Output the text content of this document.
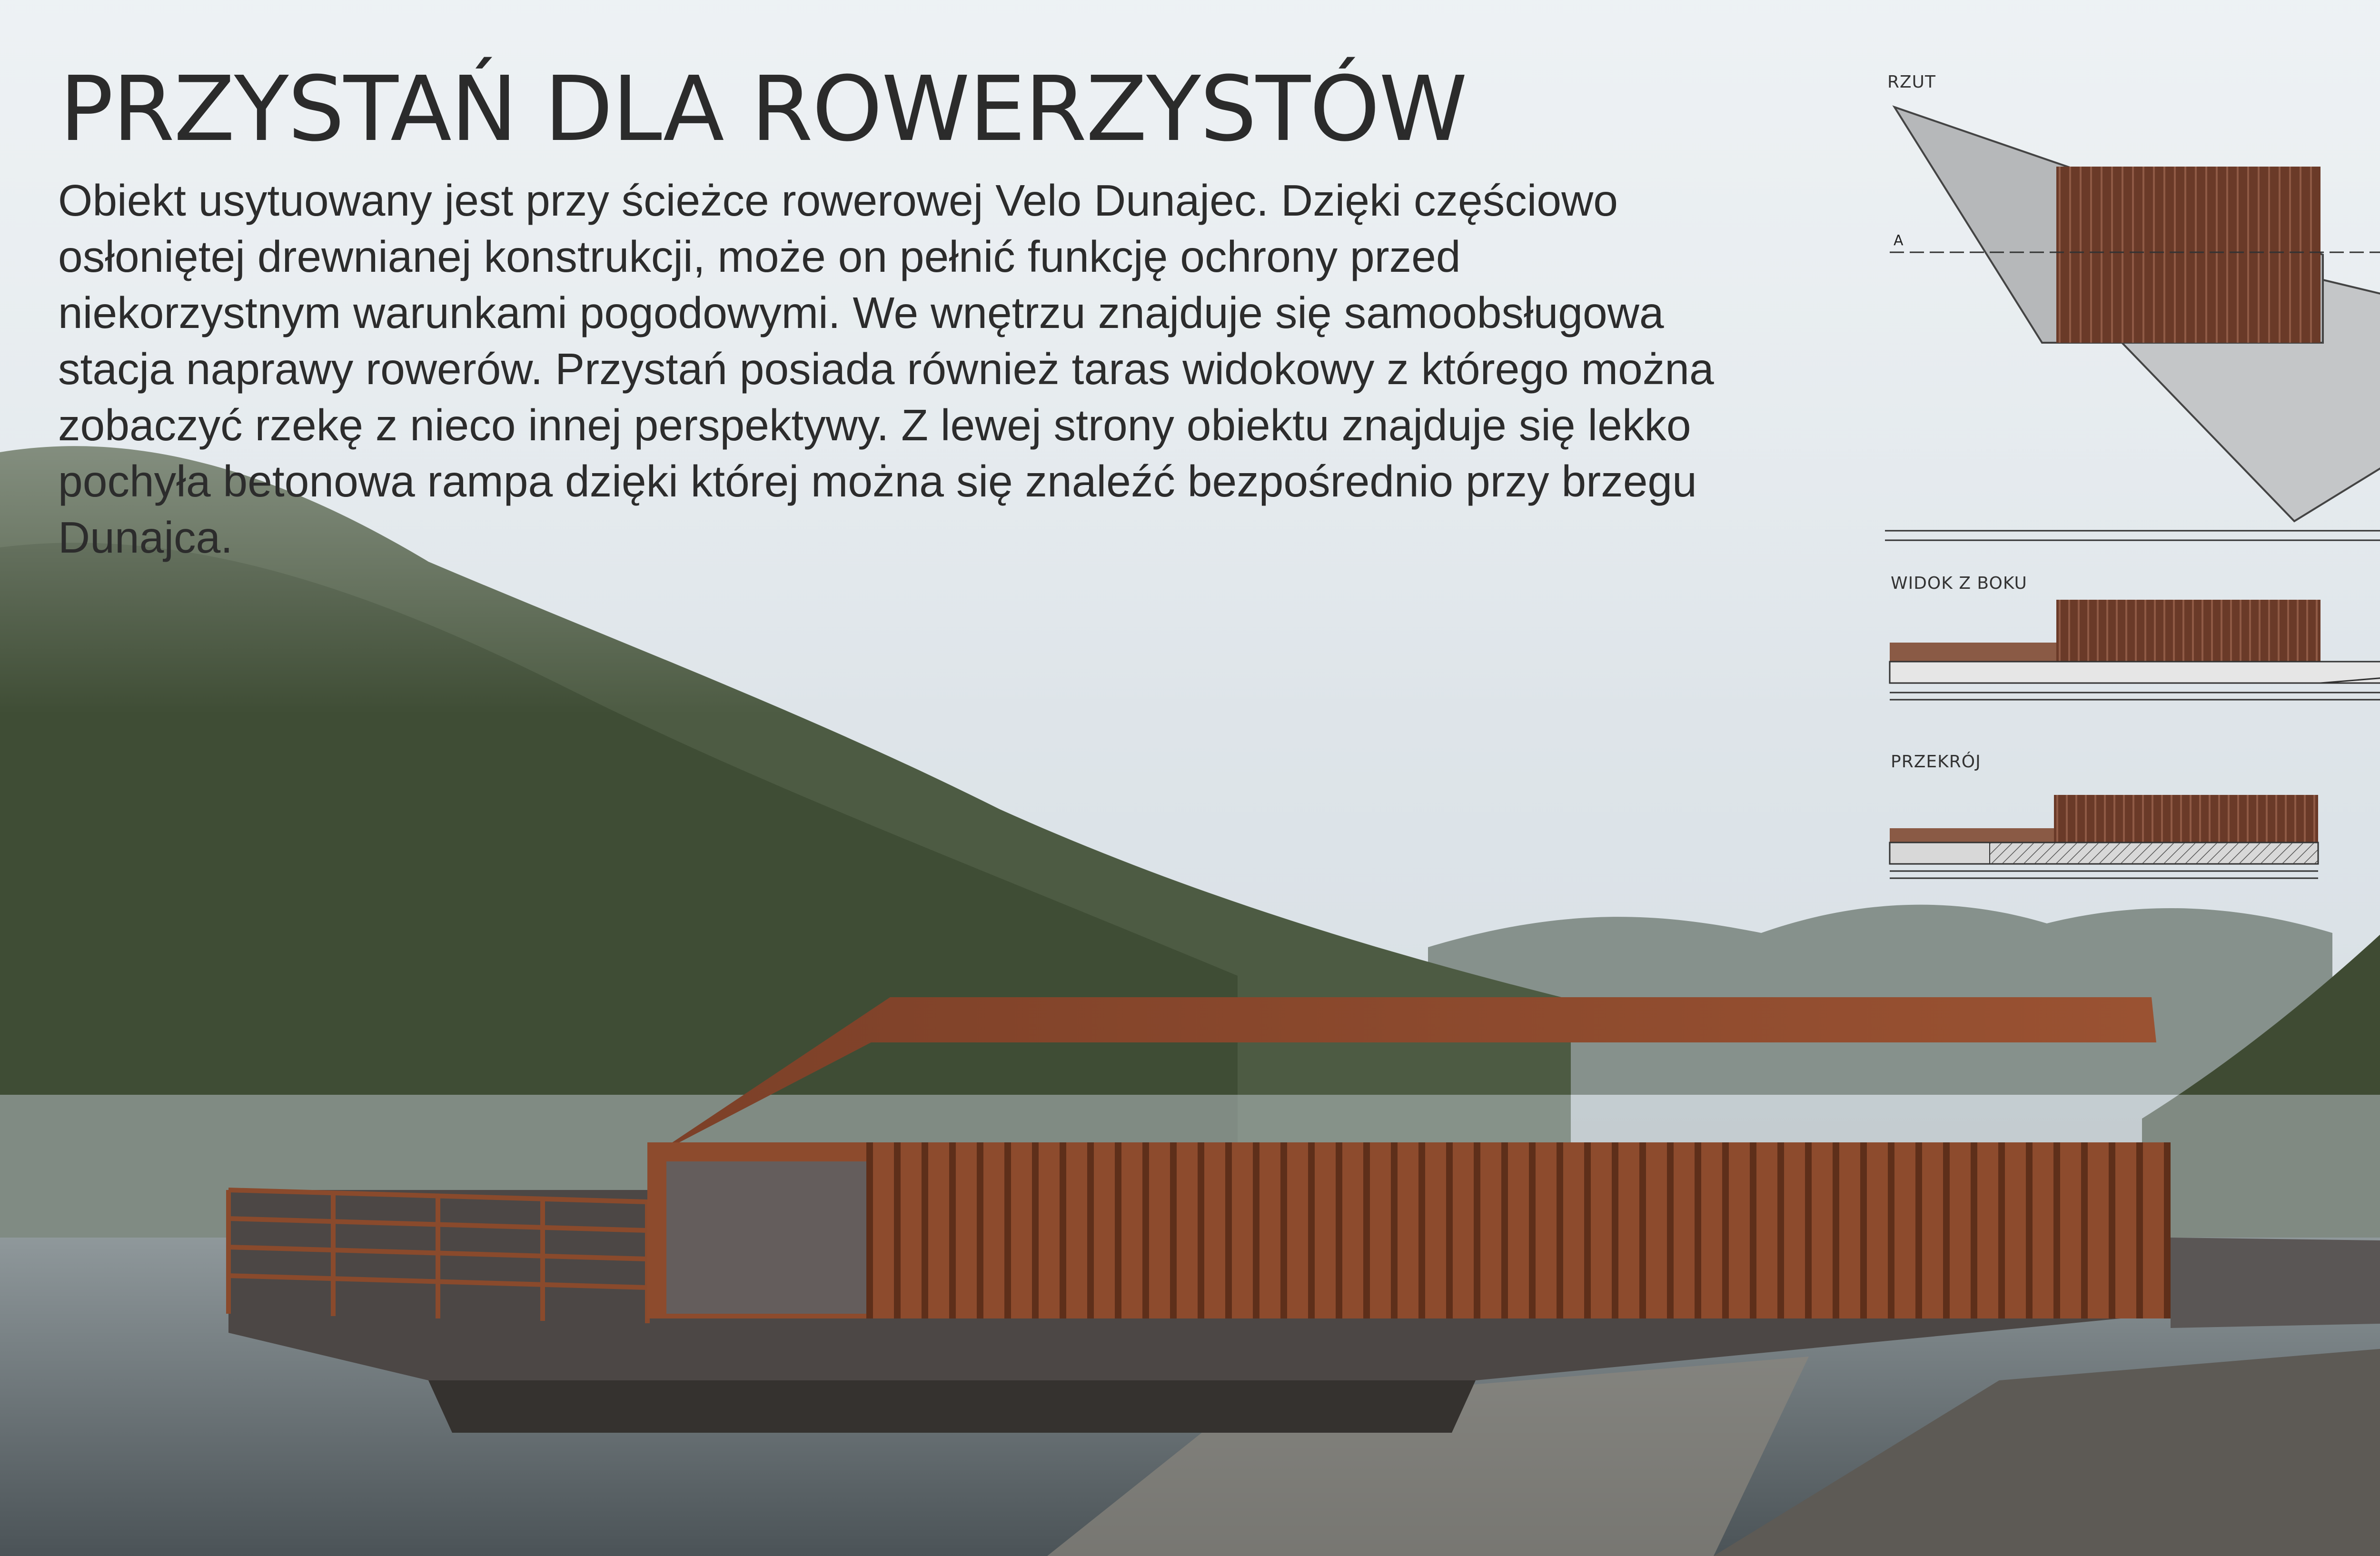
PRZYSTAŃ DLA ROWERZYSTÓW

Obiekt usytuowany jest przy ścieżce rowerowej Velo Dunajec. Dzięki częściowo osłoniętej drewnianej konstrukcji, może on pełnić funkcję ochrony przed niekorzystnym warunkami pogodowymi. We wnętrzu znajduje się samoobsługowa stacja naprawy rowerów. Przystań posiada również taras widokowy z którego można zobaczyć rzekę z nieco innej perspektywy. Z lewej strony obiektu znajduje się lekko pochyła betonowa rampa dzięki której można się znaleźć bezpośrednio przy brzegu Dunajca.

RZUT
A
WIDOK Z BOKU
PRZEKRÓJ
